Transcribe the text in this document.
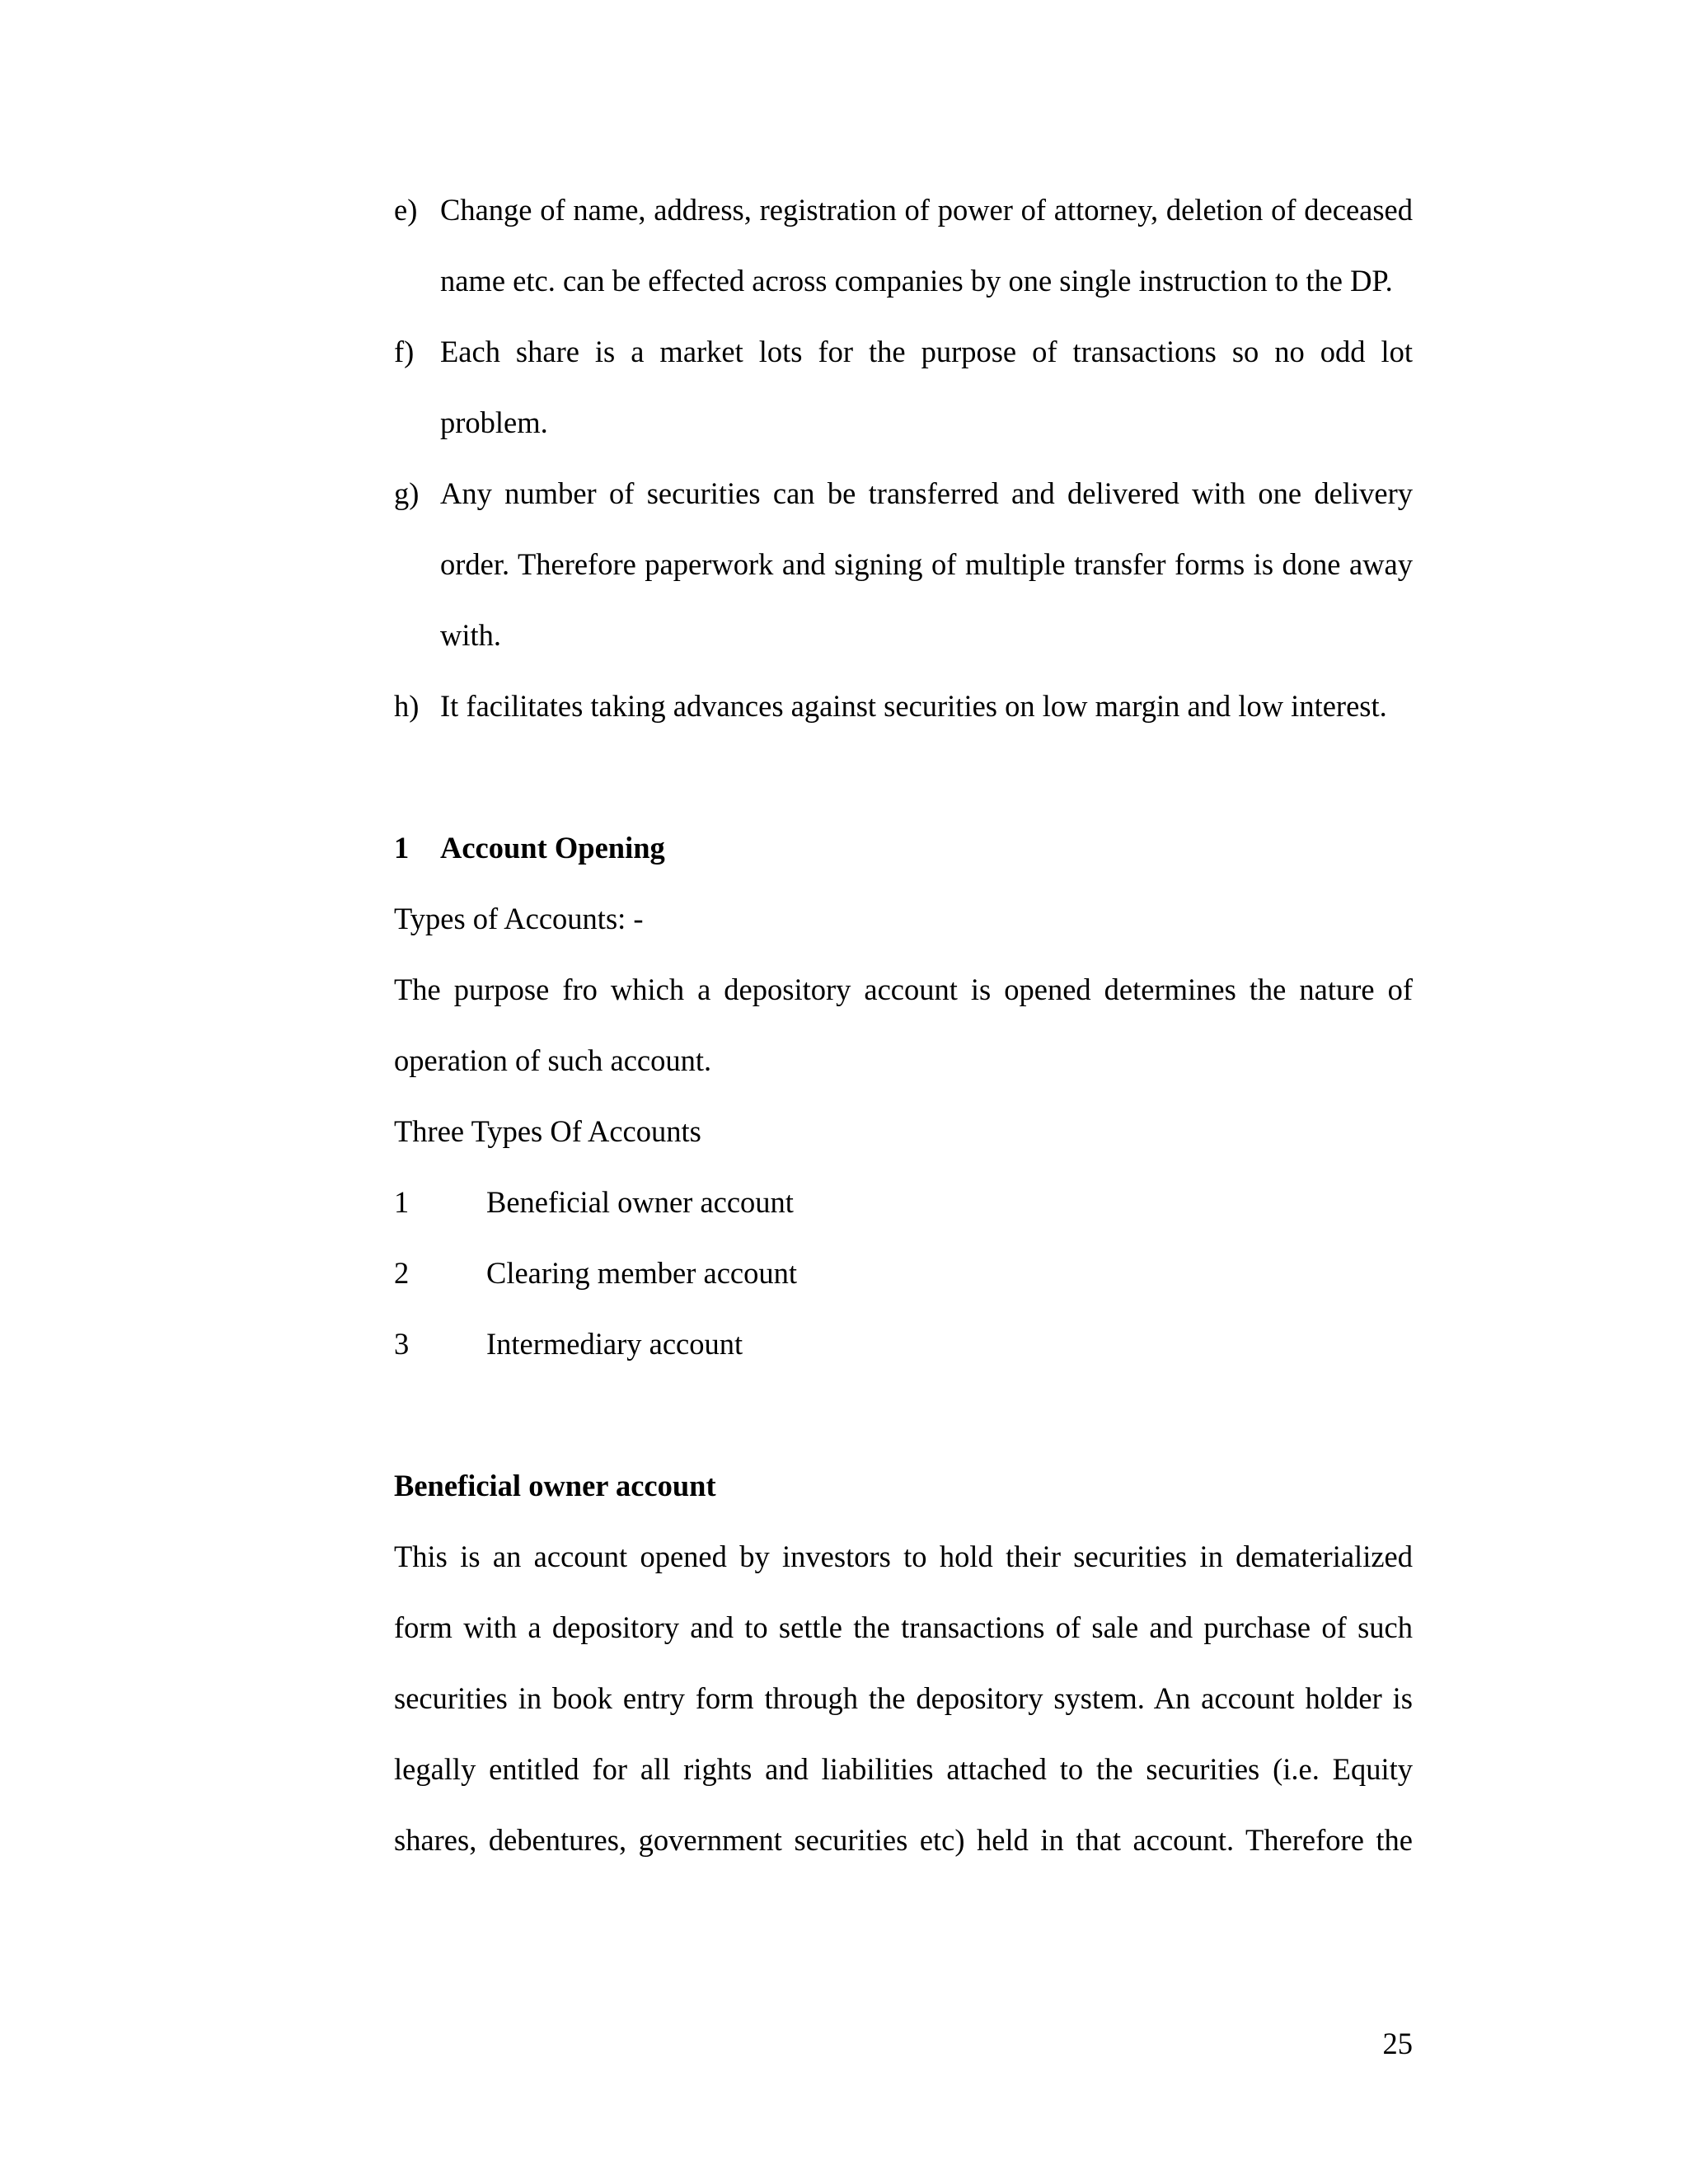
e) Change of name, address, registration of power of attorney, deletion of deceased name etc. can be effected across companies by one single instruction to the DP.
f) Each share is a market lots for the purpose of transactions so no odd lot problem.
g) Any number of securities can be transferred and delivered with one delivery order. Therefore paperwork and signing of multiple transfer forms is done away with.
h) It facilitates taking advances against securities on low margin and low interest.
1	Account Opening
Types of Accounts: -
The purpose fro which a depository account is opened determines the nature of operation of such account.
Three Types Of Accounts
1	Beneficial owner account
2	Clearing member account
3	Intermediary account
Beneficial owner account
This is an account opened by investors to hold their securities in dematerialized form with a depository and to settle the transactions of sale and purchase of such securities in book entry form through the depository system. An account holder is legally entitled for all rights and liabilities attached to the securities (i.e. Equity shares, debentures, government securities etc) held in that account. Therefore the
25
